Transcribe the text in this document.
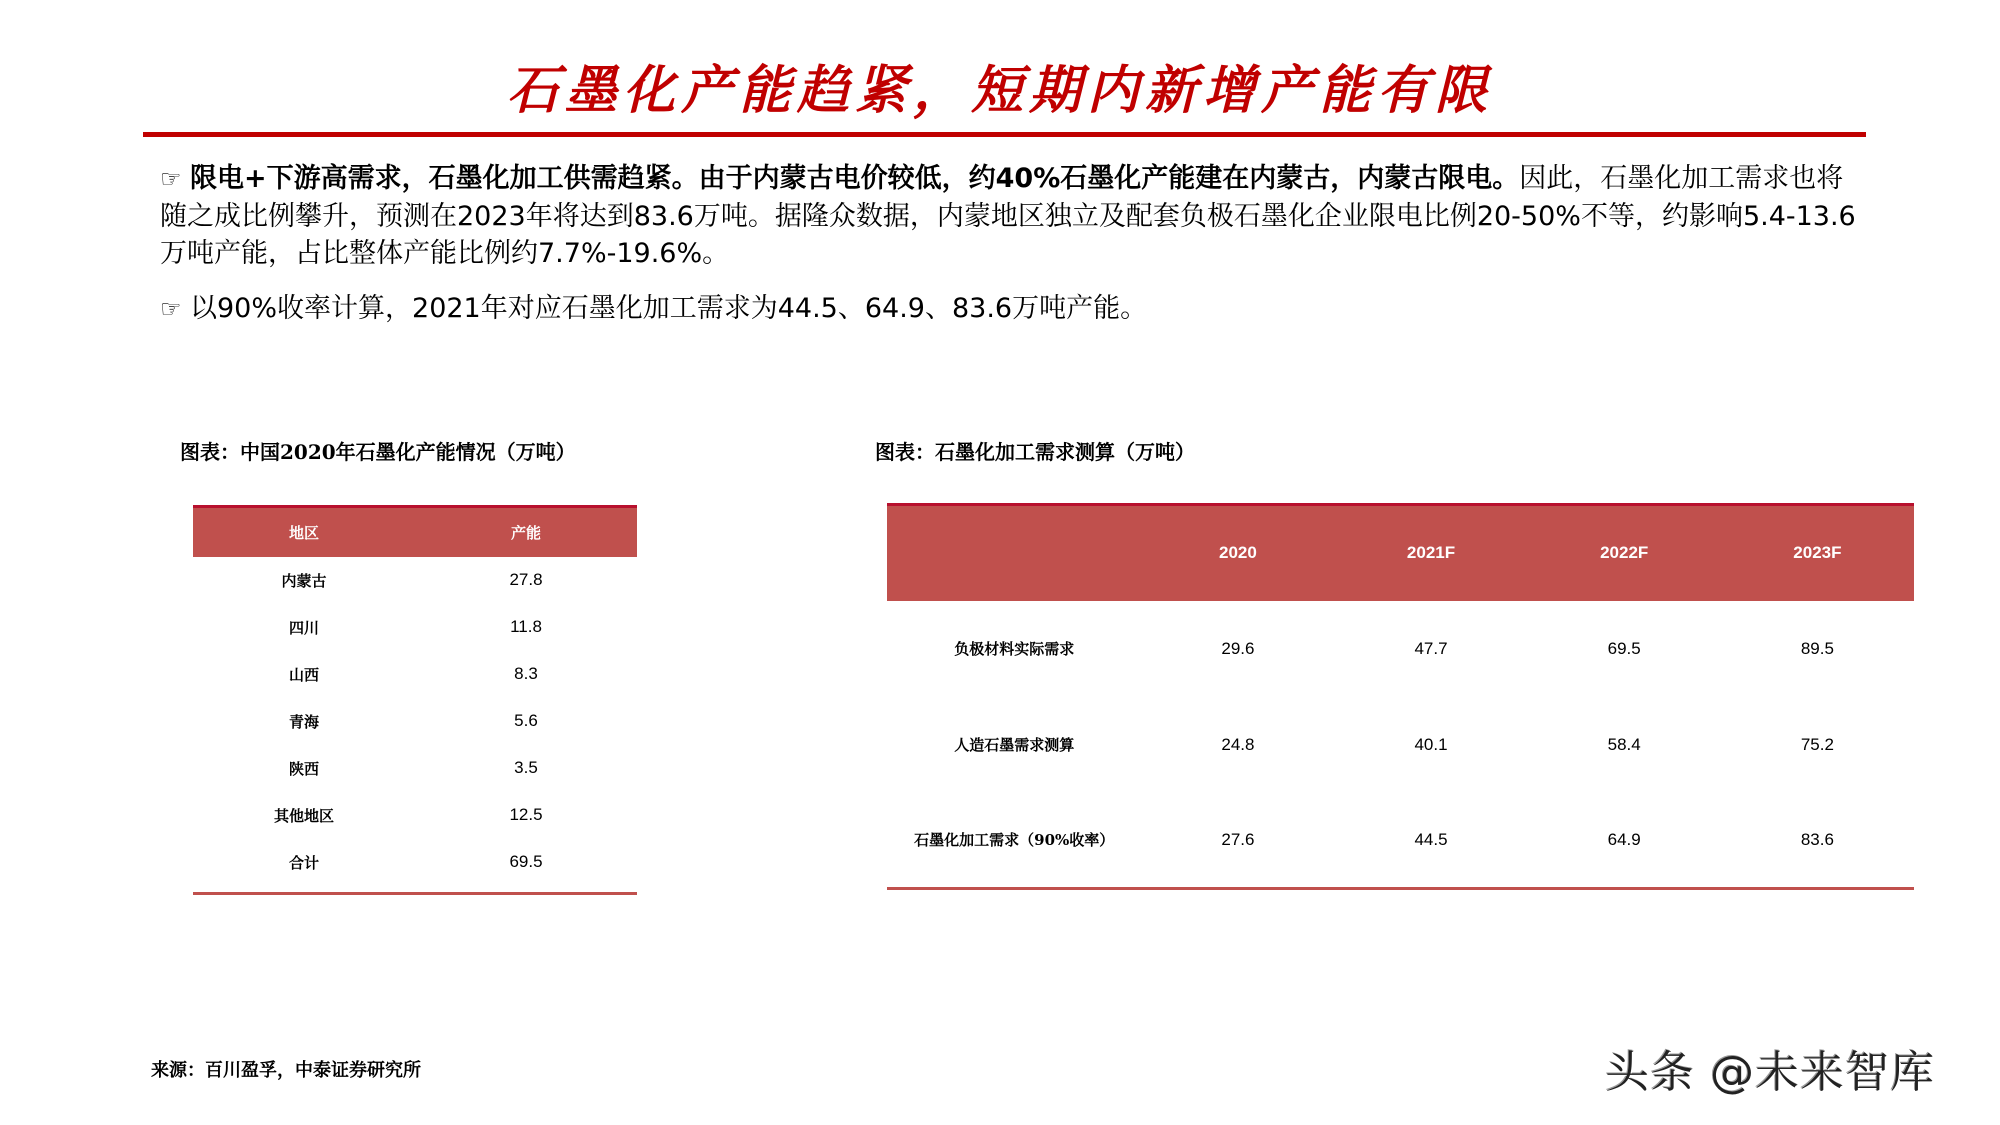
石墨化产能趋紧，短期内新增产能有限
☞ 限电+下游高需求，石墨化加工供需趋紧。由于内蒙古电价较低，约40%石墨化产能建在内蒙古，内蒙古限电。因此，石墨化加工需求也将随之成比例攀升，预测在2023年将达到83.6万吨。据隆众数据，内蒙地区独立及配套负极石墨化企业限电比例20-50%不等，约影响5.4-13.6万吨产能，占比整体产能比例约7.7%-19.6%。
☞ 以90%收率计算，2021年对应石墨化加工需求为44.5、64.9、83.6万吨产能。
图表：中国2020年石墨化产能情况（万吨）
地区	产能
内蒙古	27.8
四川	11.8
山西	8.3
青海	5.6
陕西	3.5
其他地区	12.5
合计	69.5

图表：石墨化加工需求测算（万吨）
	2020	2021F	2022F	2023F
负极材料实际需求	29.6	47.7	69.5	89.5
人造石墨需求测算	24.8	40.1	58.4	75.2
石墨化加工需求（90%收率）	27.6	44.5	64.9	83.6
来源：百川盈孚，中泰证券研究所	头条 @未来智库
